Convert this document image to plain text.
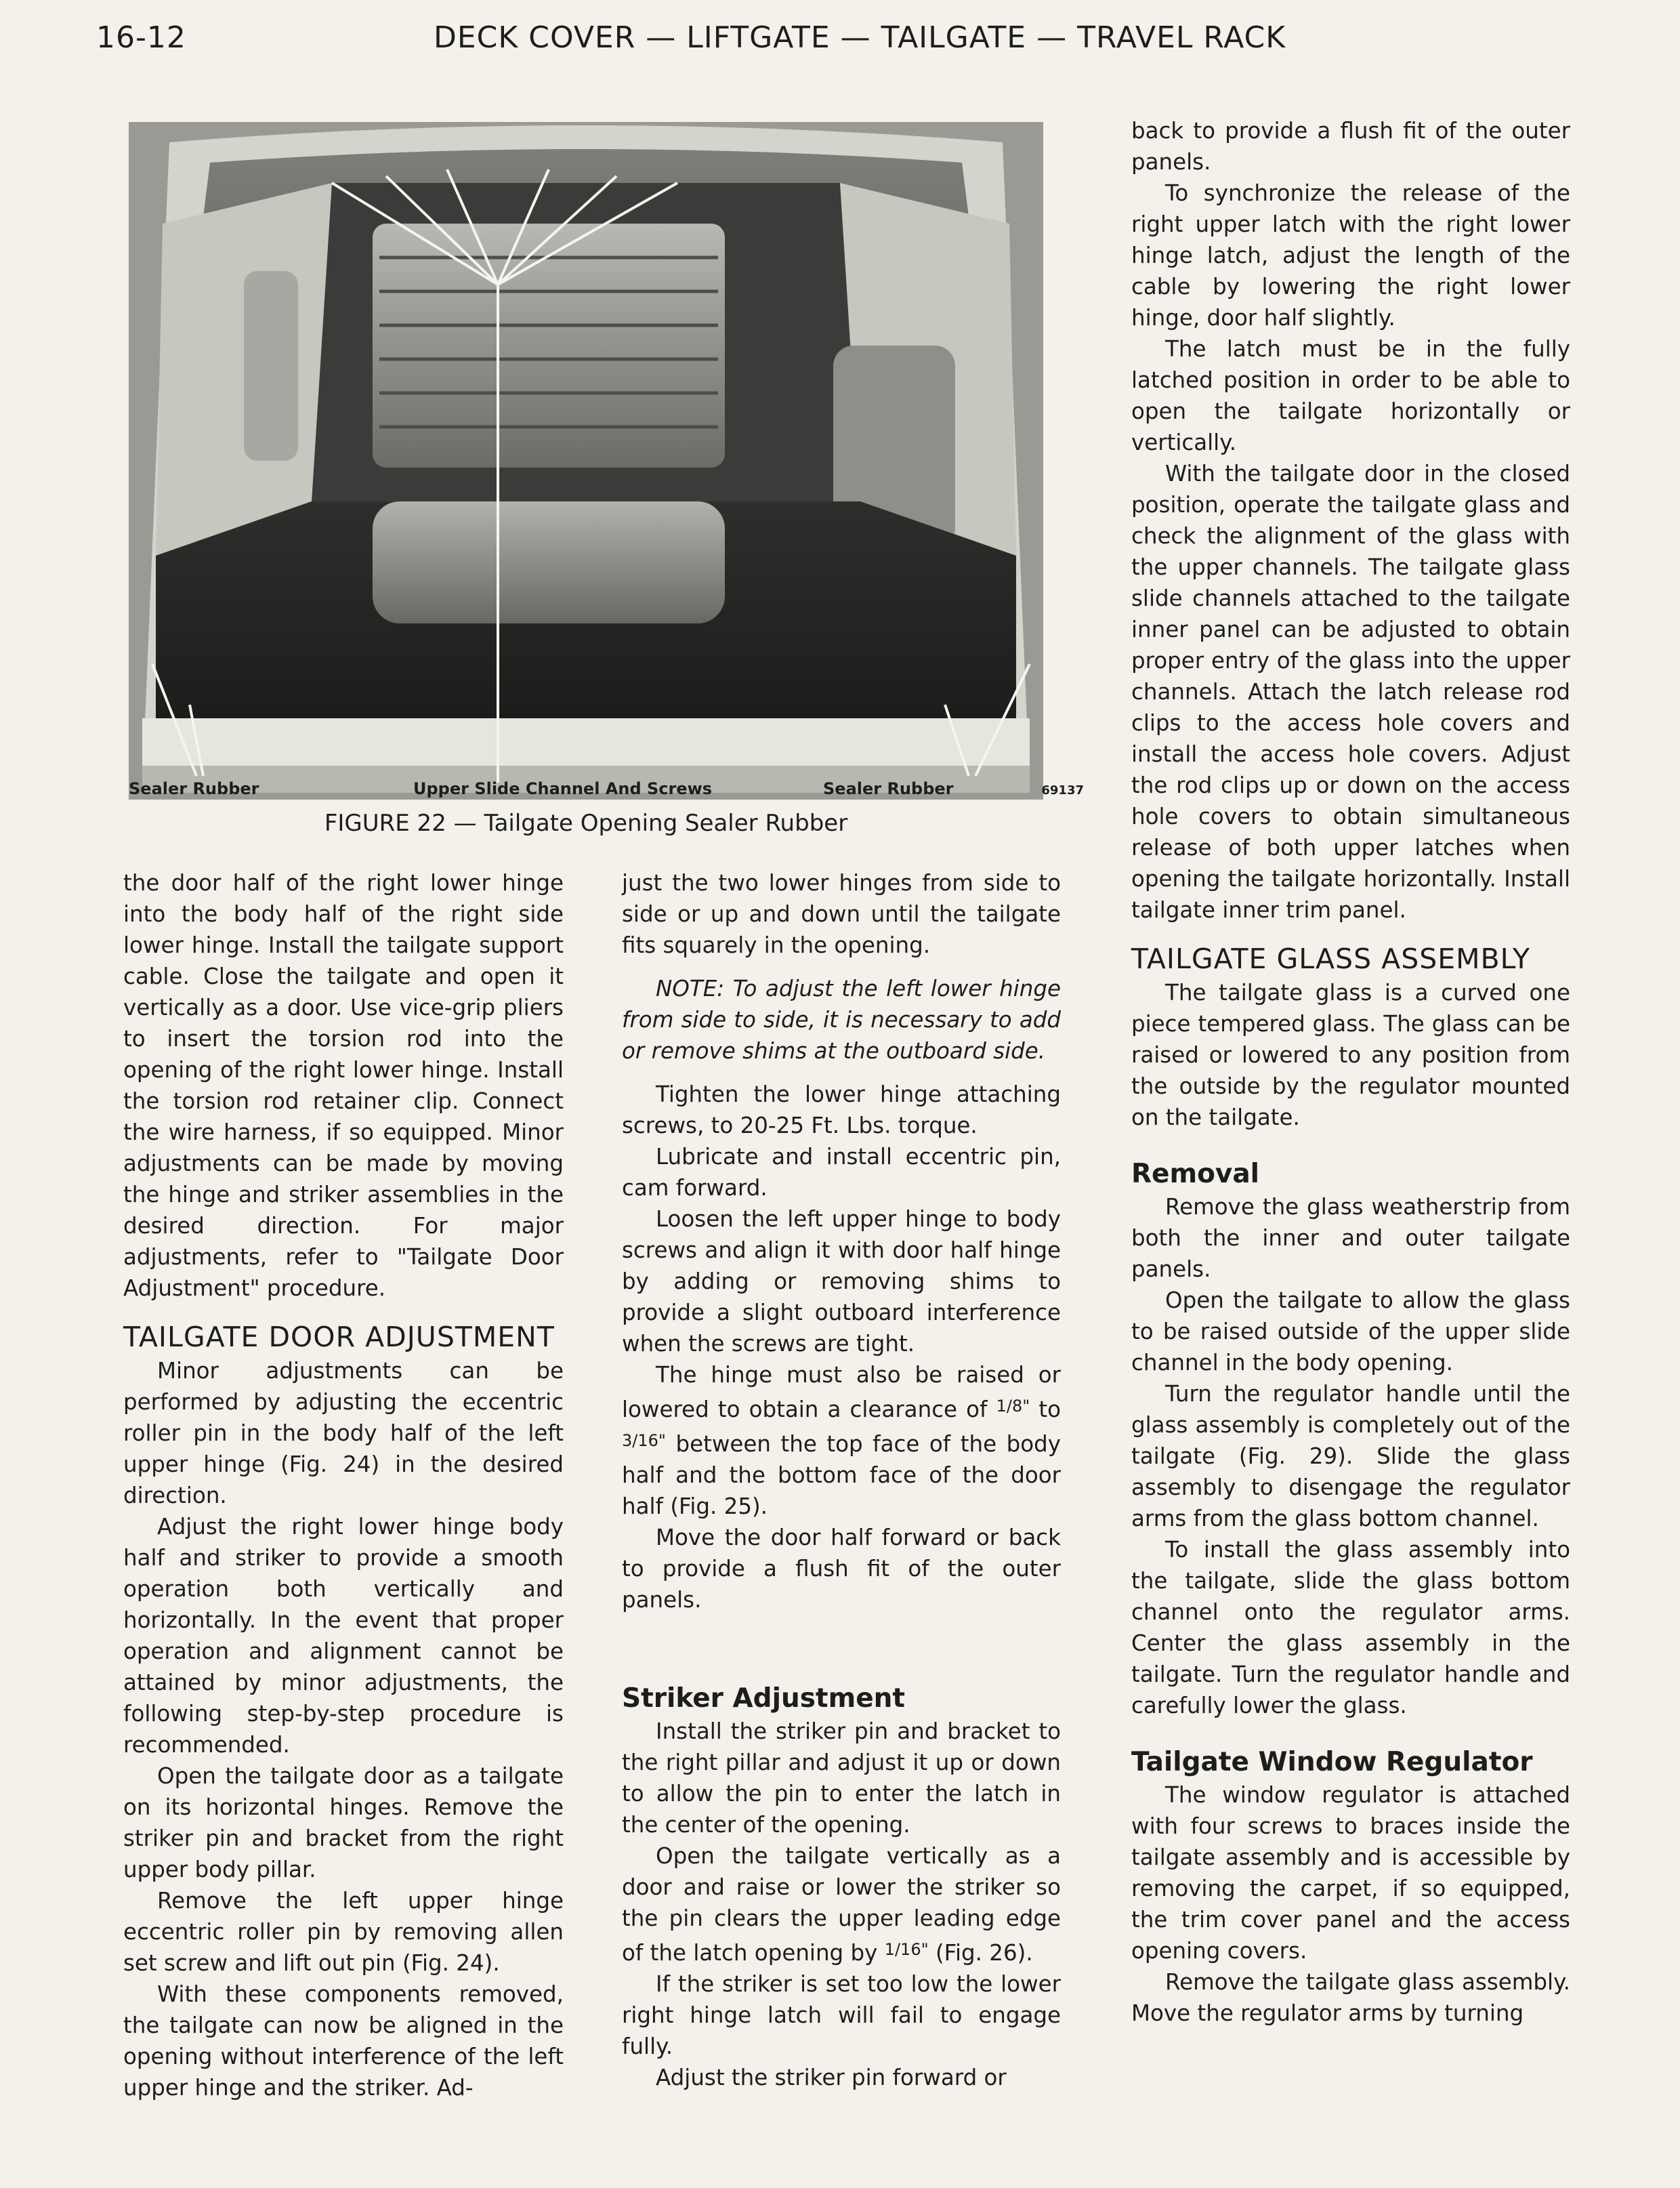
16-12	DECK COVER — LIFTGATE — TAILGATE — TRAVEL RACK
Sealer Rubber	Upper Slide Channel And Screws	Sealer Rubber	69137
FIGURE 22 — Tailgate Opening Sealer Rubber

the door half of the right lower hinge into the body half of the right side lower hinge. Install the tailgate support cable. Close the tailgate and open it vertically as a door. Use vice-grip pliers to insert the torsion rod into the opening of the right lower hinge. Install the torsion rod retainer clip. Connect the wire harness, if so equipped. Minor adjustments can be made by moving the hinge and striker assemblies in the desired direction. For major adjustments, refer to "Tailgate Door Adjustment" procedure.

TAILGATE DOOR ADJUSTMENT

Minor adjustments can be performed by adjusting the eccentric roller pin in the body half of the left upper hinge (Fig. 24) in the desired direction.

Adjust the right lower hinge body half and striker to provide a smooth operation both vertically and horizontally. In the event that proper operation and alignment cannot be attained by minor adjustments, the following step-by-step procedure is recommended.

Open the tailgate door as a tailgate on its horizontal hinges. Remove the striker pin and bracket from the right upper body pillar.

Remove the left upper hinge eccentric roller pin by removing allen set screw and lift out pin (Fig. 24).

With these components removed, the tailgate can now be aligned in the opening without interference of the left upper hinge and the striker. Ad-

just the two lower hinges from side to side or up and down until the tailgate fits squarely in the opening.

NOTE: To adjust the left lower hinge from side to side, it is necessary to add or remove shims at the outboard side.

Tighten the lower hinge attaching screws, to 20-25 Ft. Lbs. torque.

Lubricate and install eccentric pin, cam forward.

Loosen the left upper hinge to body screws and align it with door half hinge by adding or removing shims to provide a slight outboard interference when the screws are tight.

The hinge must also be raised or lowered to obtain a clearance of $^{1/8"}$ to $^{3/16"}$ between the top face of the body half and the bottom face of the door half (Fig. 25).

Move the door half forward or back to provide a flush fit of the outer panels.

Striker Adjustment

Install the striker pin and bracket to the right pillar and adjust it up or down to allow the pin to enter the latch in the center of the opening.

Open the tailgate vertically as a door and raise or lower the striker so the pin clears the upper leading edge of the latch opening by $^{1/16"}$ (Fig. 26).

If the striker is set too low the lower right hinge latch will fail to engage fully.

Adjust the striker pin forward or

back to provide a flush fit of the outer panels.

To synchronize the release of the right upper latch with the right lower hinge latch, adjust the length of the cable by lowering the right lower hinge, door half slightly.

The latch must be in the fully latched position in order to be able to open the tailgate horizontally or vertically.

With the tailgate door in the closed position, operate the tailgate glass and check the alignment of the glass with the upper channels. The tailgate glass slide channels attached to the tailgate inner panel can be adjusted to obtain proper entry of the glass into the upper channels. Attach the latch release rod clips to the access hole covers and install the access hole covers. Adjust the rod clips up or down on the access hole covers to obtain simultaneous release of both upper latches when opening the tailgate horizontally. Install tailgate inner trim panel.

TAILGATE GLASS ASSEMBLY

The tailgate glass is a curved one piece tempered glass. The glass can be raised or lowered to any position from the outside by the regulator mounted on the tailgate.

Removal

Remove the glass weatherstrip from both the inner and outer tailgate panels.

Open the tailgate to allow the glass to be raised outside of the upper slide channel in the body opening.

Turn the regulator handle until the glass assembly is completely out of the tailgate (Fig. 29). Slide the glass assembly to disengage the regulator arms from the glass bottom channel.

To install the glass assembly into the tailgate, slide the glass bottom channel onto the regulator arms. Center the glass assembly in the tailgate. Turn the regulator handle and carefully lower the glass.

Tailgate Window Regulator

The window regulator is attached with four screws to braces inside the tailgate assembly and is accessible by removing the carpet, if so equipped, the trim cover panel and the access opening covers.

Remove the tailgate glass assembly. Move the regulator arms by turning
